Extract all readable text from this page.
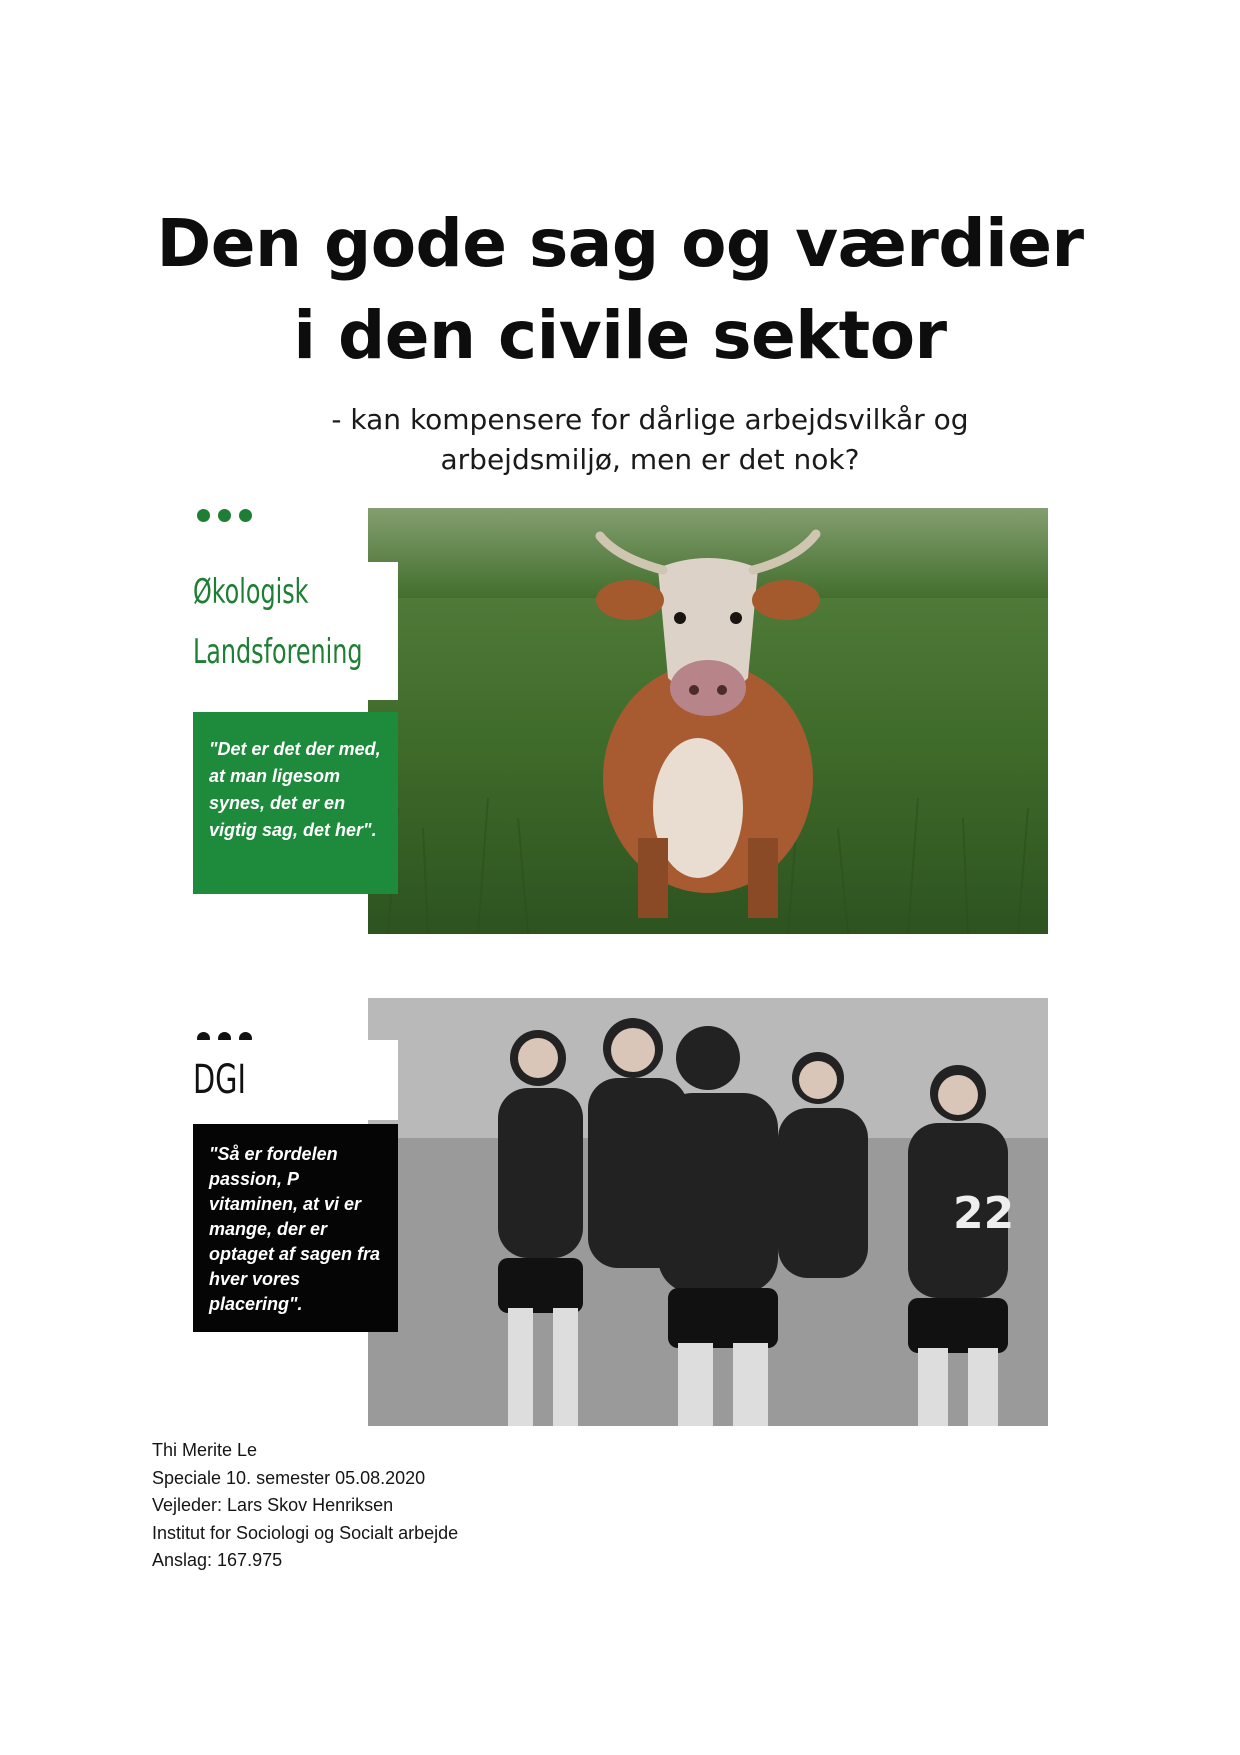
Den gode sag og værdier
i den civile sektor
- kan kompensere for dårlige arbejdsvilkår og
arbejdsmiljø, men er det nok?
Økologisk
Landsforening
"Det er det der med, at man ligesom synes, det er en vigtig sag, det her".
22
DGI
"Så er fordelen passion, P vitaminen, at vi er mange, der er optaget af sagen fra hver vores placering".
Thi Merite Le
Speciale 10. semester 05.08.2020
Vejleder: Lars Skov Henriksen
Institut for Sociologi og Socialt arbejde
Anslag: 167.975
